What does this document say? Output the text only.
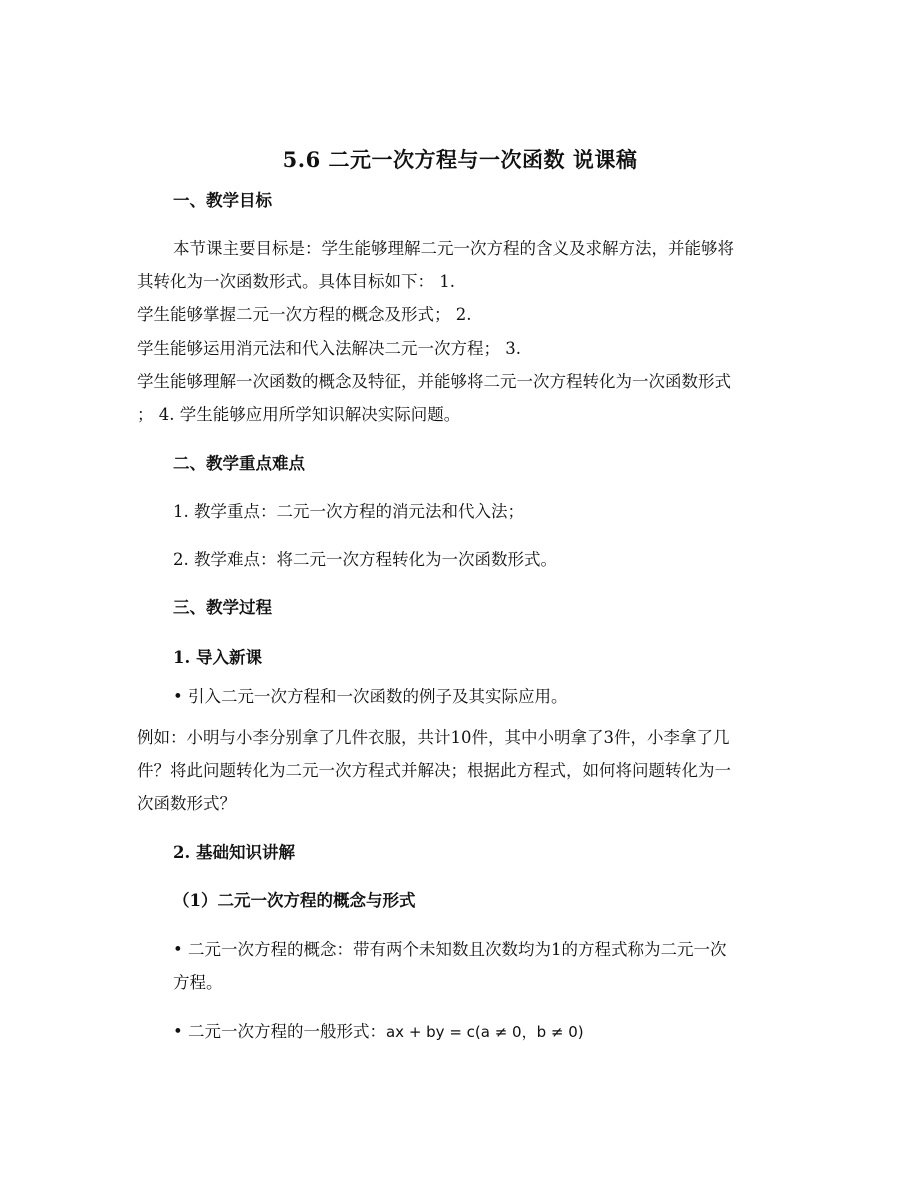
5.6 二元一次方程与一次函数 说课稿
一、教学目标
本节课主要目标是：学生能够理解二元一次方程的含义及求解方法，并能够将
其转化为一次函数形式。具体目标如下： 1.
学生能够掌握二元一次方程的概念及形式； 2.
学生能够运用消元法和代入法解决二元一次方程； 3.
学生能够理解一次函数的概念及特征，并能够将二元一次方程转化为一次函数形式
； 4. 学生能够应用所学知识解决实际问题。
二、教学重点难点
1. 教学重点：二元一次方程的消元法和代入法；
2. 教学难点：将二元一次方程转化为一次函数形式。
三、教学过程
1. 导入新课
• 引入二元一次方程和一次函数的例子及其实际应用。
例如：小明与小李分别拿了几件衣服，共计10件，其中小明拿了3件，小李拿了几
件？将此问题转化为二元一次方程式并解决；根据此方程式，如何将问题转化为一
次函数形式？
2. 基础知识讲解
（1）二元一次方程的概念与形式
• 二元一次方程的概念：带有两个未知数且次数均为1的方程式称为二元一次
方程。
• 二元一次方程的一般形式：ax + by = c(a ≠ 0，b ≠ 0)
